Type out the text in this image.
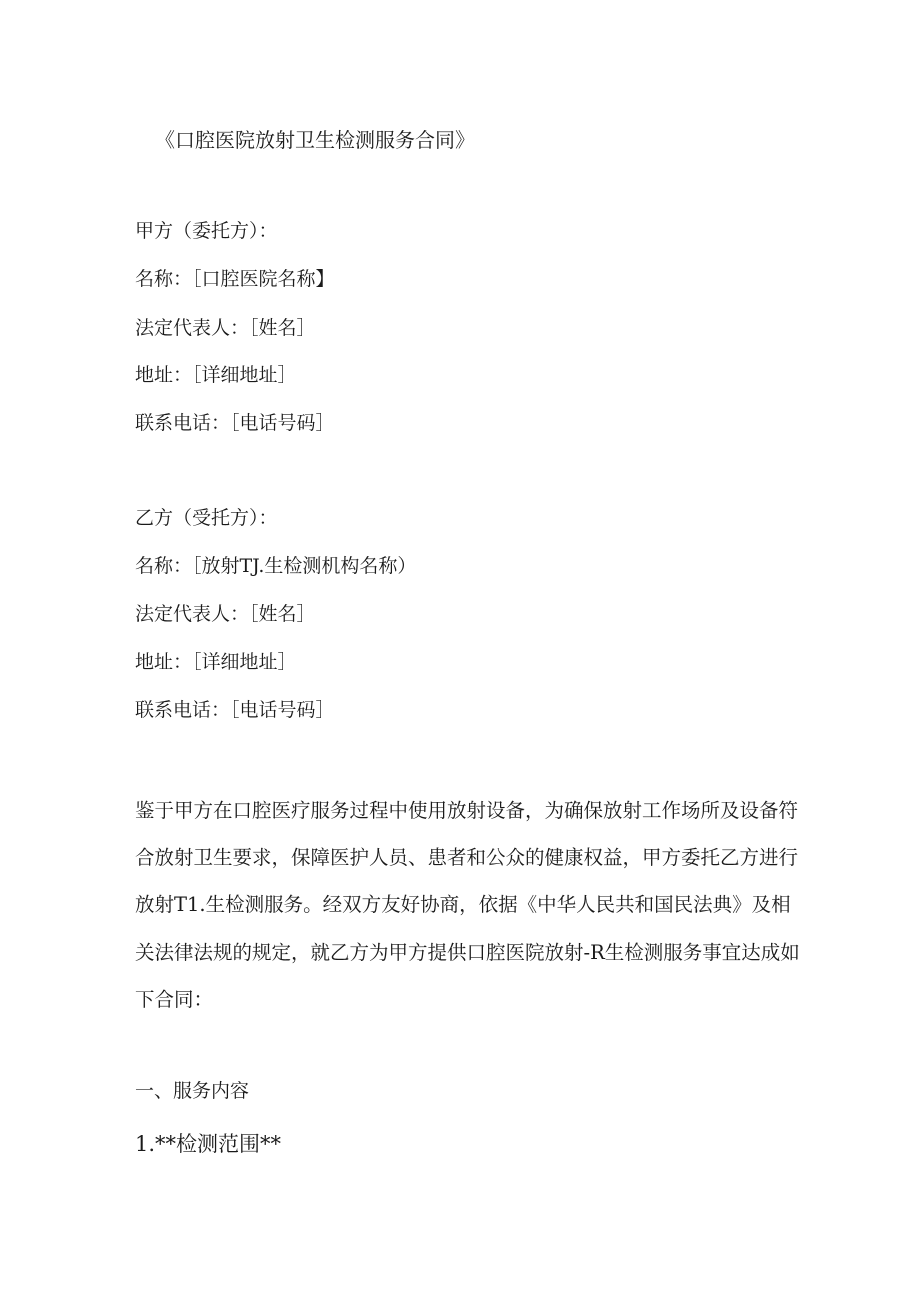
《口腔医院放射卫生检测服务合同》
甲方（委托方）：
名称：［口腔医院名称】
法定代表人：［姓名］
地址：［详细地址］
联系电话：［电话号码］
乙方（受托方）：
名称：［放射TJ.生检测机构名称）
法定代表人：［姓名］
地址：［详细地址］
联系电话：［电话号码］
鉴于甲方在口腔医疗服务过程中使用放射设备，为确保放射工作场所及设备符
合放射卫生要求，保障医护人员、患者和公众的健康权益，甲方委托乙方进行
放射T1.生检测服务。经双方友好协商，依据《中华人民共和国民法典》及相
关法律法规的规定，就乙方为甲方提供口腔医院放射-R生检测服务事宜达成如
下合同：
一、服务内容
1.**检测范围**
